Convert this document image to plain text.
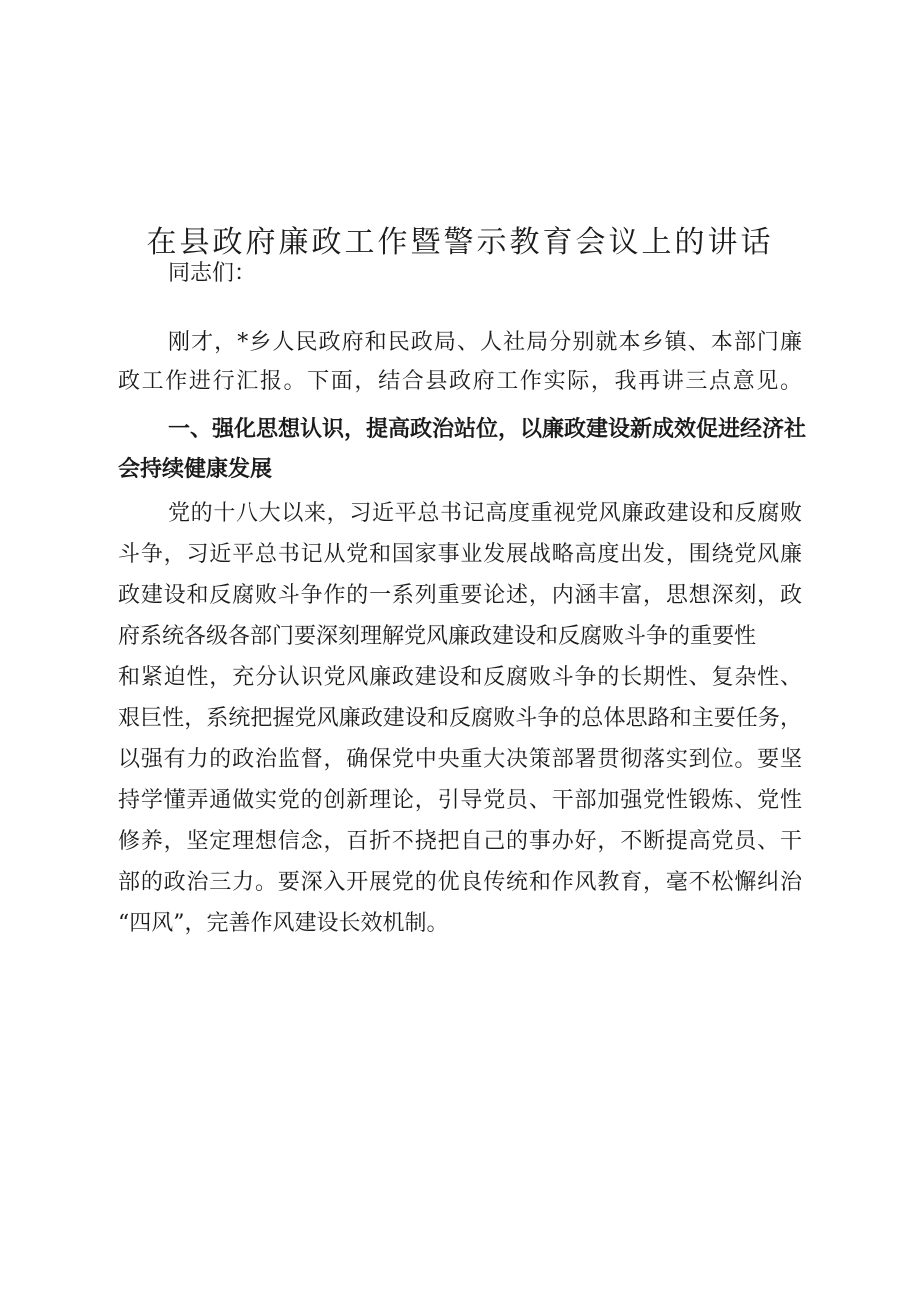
在县政府廉政工作暨警示教育会议上的讲话
同志们：
刚才，*乡人民政府和民政局、人社局分别就本乡镇、本部门廉
政工作进行汇报。下面，结合县政府工作实际，我再讲三点意见。
一、强化思想认识，提高政治站位，以廉政建设新成效促进经济社
会持续健康发展
党的十八大以来，习近平总书记高度重视党风廉政建设和反腐败
斗争，习近平总书记从党和国家事业发展战略高度出发，围绕党风廉
政建设和反腐败斗争作的一系列重要论述，内涵丰富，思想深刻，政
府系统各级各部门要深刻理解党风廉政建设和反腐败斗争的重要性
和紧迫性，充分认识党风廉政建设和反腐败斗争的长期性、复杂性、
艰巨性，系统把握党风廉政建设和反腐败斗争的总体思路和主要任务，
以强有力的政治监督，确保党中央重大决策部署贯彻落实到位。要坚
持学懂弄通做实党的创新理论，引导党员、干部加强党性锻炼、党性
修养，坚定理想信念，百折不挠把自己的事办好，不断提高党员、干
部的政治三力。要深入开展党的优良传统和作风教育，毫不松懈纠治
“四风”，完善作风建设长效机制。
